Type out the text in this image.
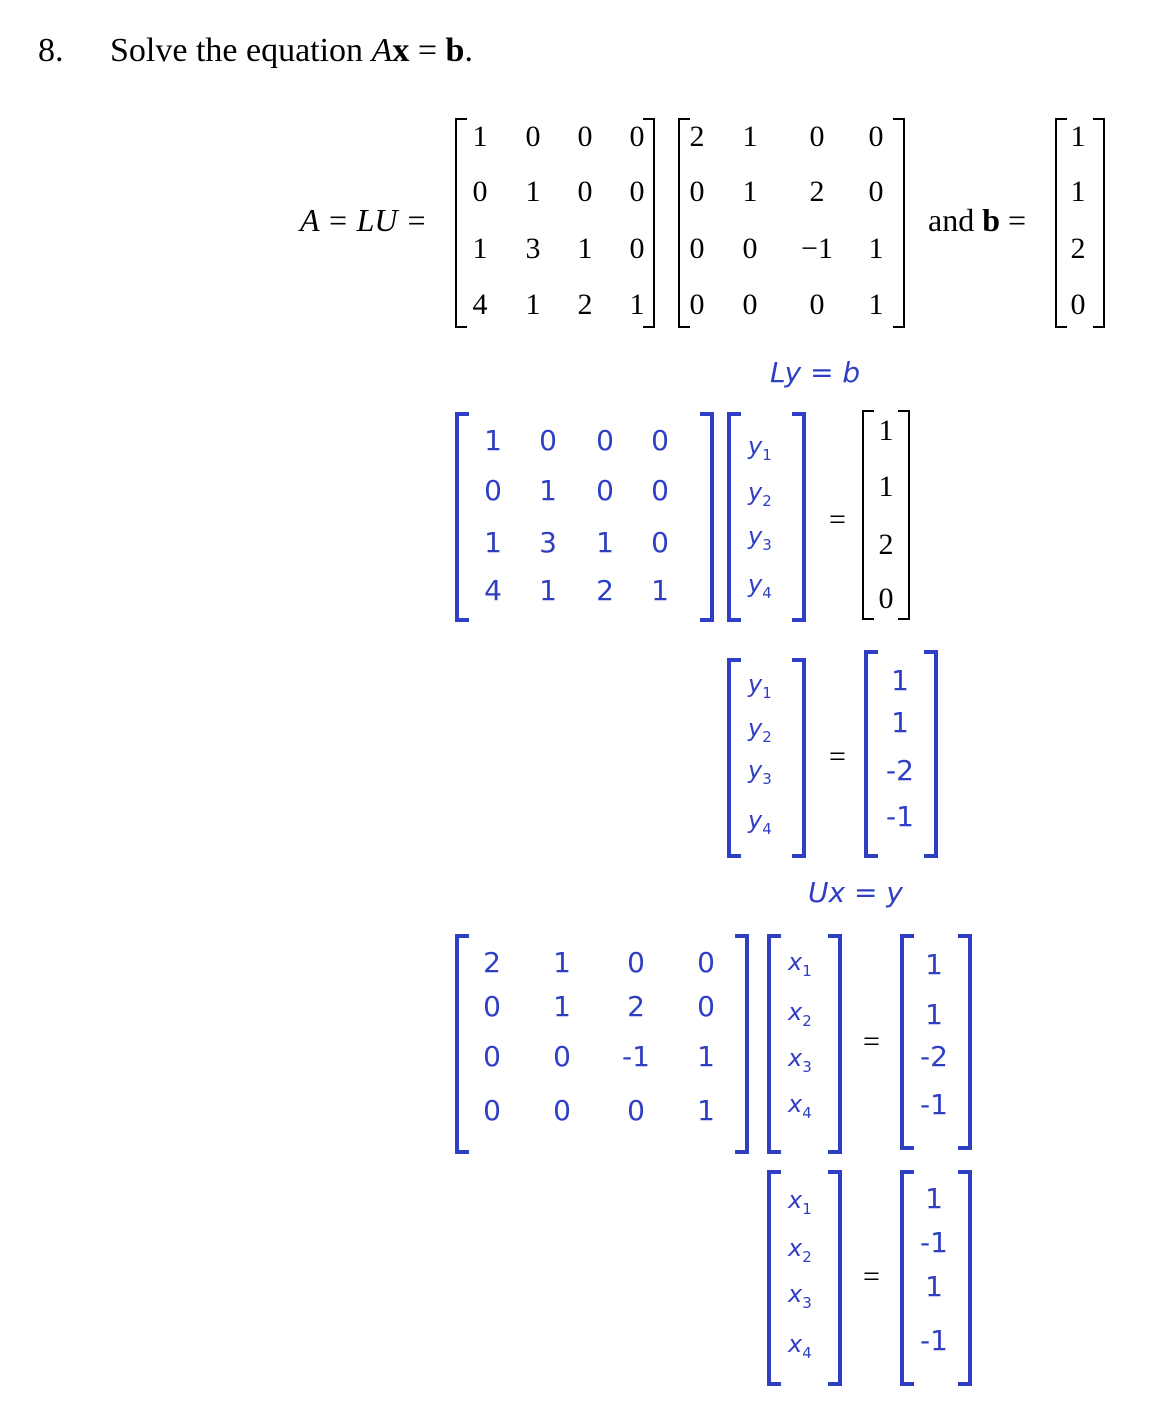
8. Solve the equation Ax = b.
A = LU =
1	0	0	0
0	1	0	0
1	3	1	0
4	1	2	1
2	1	0	0
0	1	2	0
0	0	−1	1
0	0	0	1
and b =
1
1
2
0
Ly = b
1	0	0	0
0	1	0	0
1	3	1	0
4	1	2	1
$y_1$
$y_2$
$y_3$
$y_4$
=
1
1
2
0
$y_1$
$y_2$
$y_3$
$y_4$
=
1
1
-2
-1
Ux = y
2	1	0	0
0	1	2	0
0	0	-1	1
0	0	0	1
$x_1$
$x_2$
$x_3$
$x_4$
=
1
1
-2
-1
$x_1$
$x_2$
$x_3$
$x_4$
=
1
-1
1
-1
